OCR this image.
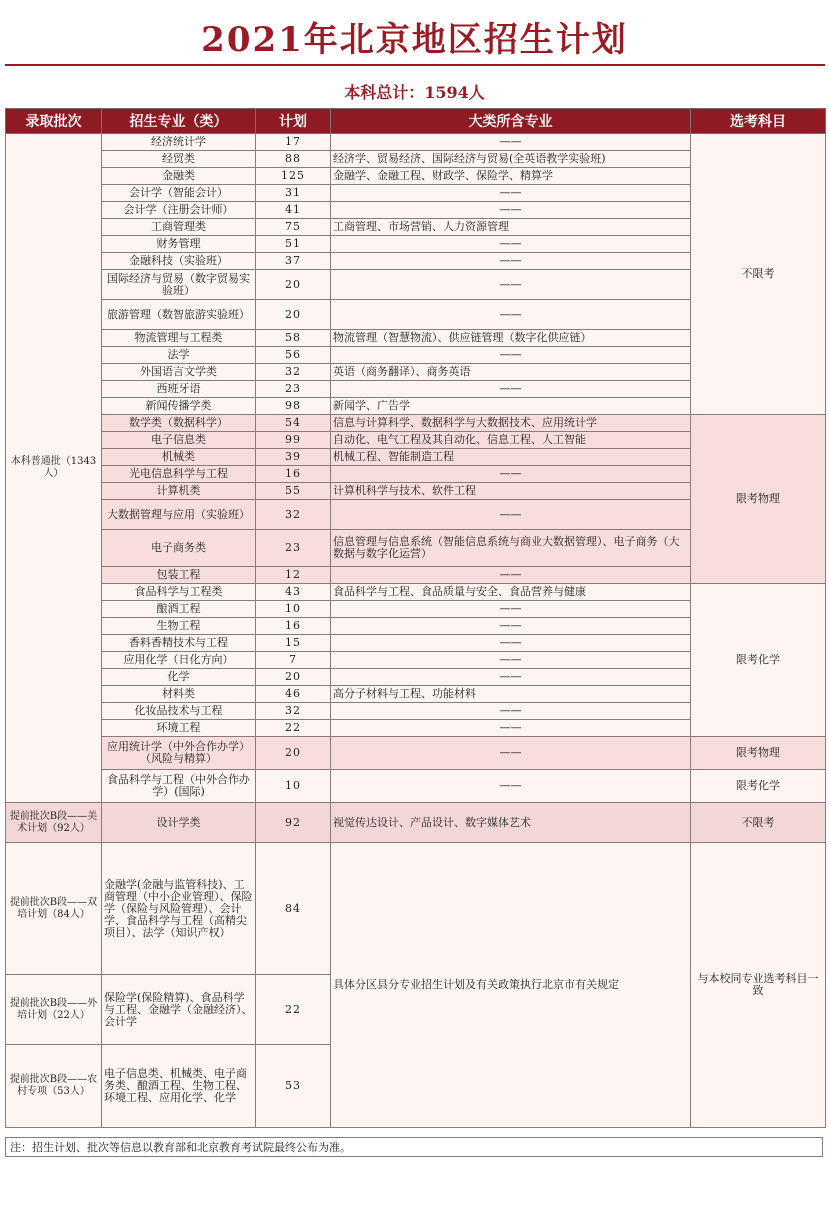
2021年北京地区招生计划
本科总计：1594人
录取批次	招生专业（类）	计划	大类所含专业	选考科目
本科普通批（1343人）	经济统计学	17	——	不限考
	经贸类	88	经济学、贸易经济、国际经济与贸易(全英语教学实验班)	
	金融类	125	金融学、金融工程、财政学、保险学、精算学	
	会计学（智能会计）	31	——	
	会计学（注册会计师）	41	——	
	工商管理类	75	工商管理、市场营销、人力资源管理	
	财务管理	51	——	
	金融科技（实验班）	37	——	
	国际经济与贸易（数字贸易实验班）	20	——	
	旅游管理（数智旅游实验班）	20	——	
	物流管理与工程类	58	物流管理（智慧物流）、供应链管理（数字化供应链）	
	法学	56	——	
	外国语言文学类	32	英语（商务翻译）、商务英语	
	西班牙语	23	——	
	新闻传播学类	98	新闻学、广告学	
	数学类（数据科学）	54	信息与计算科学、数据科学与大数据技术、应用统计学	限考物理
	电子信息类	99	自动化、电气工程及其自动化、信息工程、人工智能	
	机械类	39	机械工程、智能制造工程	
	光电信息科学与工程	16	——	
	计算机类	55	计算机科学与技术、软件工程	
	大数据管理与应用（实验班）	32	——	
	电子商务类	23	信息管理与信息系统（智能信息系统与商业大数据管理）、电子商务（大数据与数字化运营）	
	包装工程	12	——	
	食品科学与工程类	43	食品科学与工程、食品质量与安全、食品营养与健康	限考化学
	酿酒工程	10	——	
	生物工程	16	——	
	香料香精技术与工程	15	——	
	应用化学（日化方向）	7	——	
	化学	20	——	
	材料类	46	高分子材料与工程、功能材料	
	化妆品技术与工程	32	——	
	环境工程	22	——	
	应用统计学（中外合作办学）（风险与精算）	20	——	限考物理
	食品科学与工程（中外合作办学）(国际)	10	——	限考化学
提前批次B段——美术计划（92人）	设计学类	92	视觉传达设计、产品设计、数字媒体艺术	不限考
提前批次B段——双培计划（84人）	金融学(金融与监管科技)、工商管理（中小企业管理）、保险学（保险与风险管理）、会计学、食品科学与工程（高精尖项目）、法学（知识产权）	84	具体分区县分专业招生计划及有关政策执行北京市有关规定	与本校同专业选考科目一致
提前批次B段——外培计划（22人）	保险学(保险精算)、食品科学与工程、金融学（金融经济）、会计学	22		
提前批次B段——农村专项（53人）	电子信息类、机械类、电子商务类、酿酒工程、生物工程、环境工程、应用化学、化学	53		
注：招生计划、批次等信息以教育部和北京教育考试院最终公布为准。
